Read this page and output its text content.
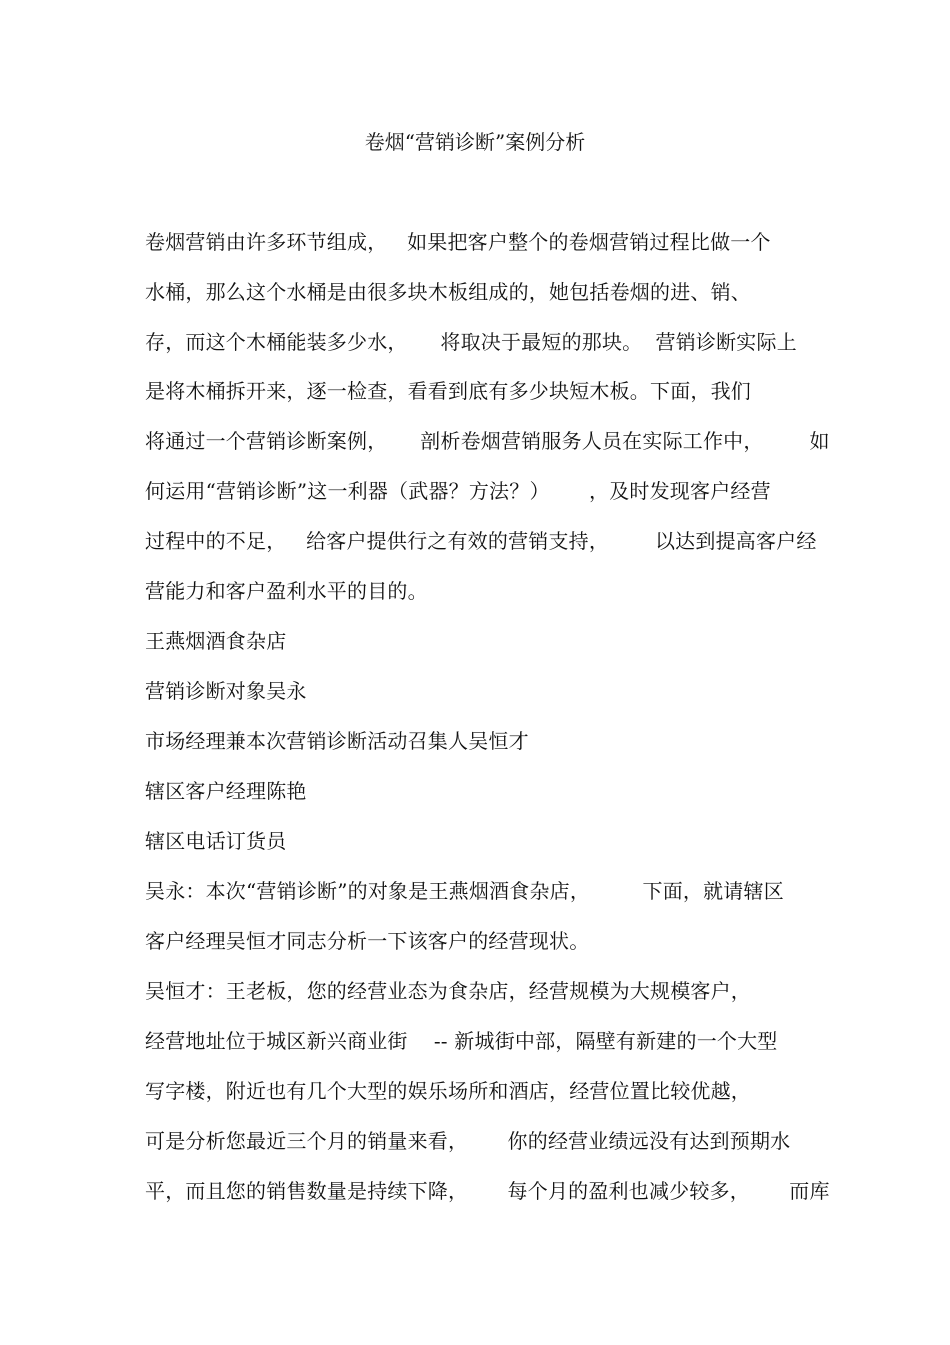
卷烟“营销诊断”案例分析
卷烟营销由许多环节组成，   如果把客户整个的卷烟营销过程比做一个
水桶，那么这个水桶是由很多块木板组成的，她包括卷烟的进、销、
存，而这个木桶能装多少水，     将取决于最短的那块。  营销诊断实际上
是将木桶拆开来，逐一检查，看看到底有多少块短木板。下面，我们
将通过一个营销诊断案例，     剖析卷烟营销服务人员在实际工作中，       如
何运用“营销诊断”这一利器（武器？方法？）      ，及时发现客户经营
过程中的不足，   给客户提供行之有效的营销支持，       以达到提高客户经
营能力和客户盈利水平的目的。
王燕烟酒食杂店
营销诊断对象吴永
市场经理兼本次营销诊断活动召集人吴恒才
辖区客户经理陈艳
辖区电话订货员
吴永：本次“营销诊断”的对象是王燕烟酒食杂店，        下面，就请辖区
客户经理吴恒才同志分析一下该客户的经营现状。
吴恒才：王老板，您的经营业态为食杂店，经营规模为大规模客户，
经营地址位于城区新兴商业街    -- 新城街中部，隔壁有新建的一个大型
写字楼，附近也有几个大型的娱乐场所和酒店，经营位置比较优越，
可是分析您最近三个月的销量来看，      你的经营业绩远没有达到预期水
平，而且您的销售数量是持续下降，      每个月的盈利也减少较多，      而库
